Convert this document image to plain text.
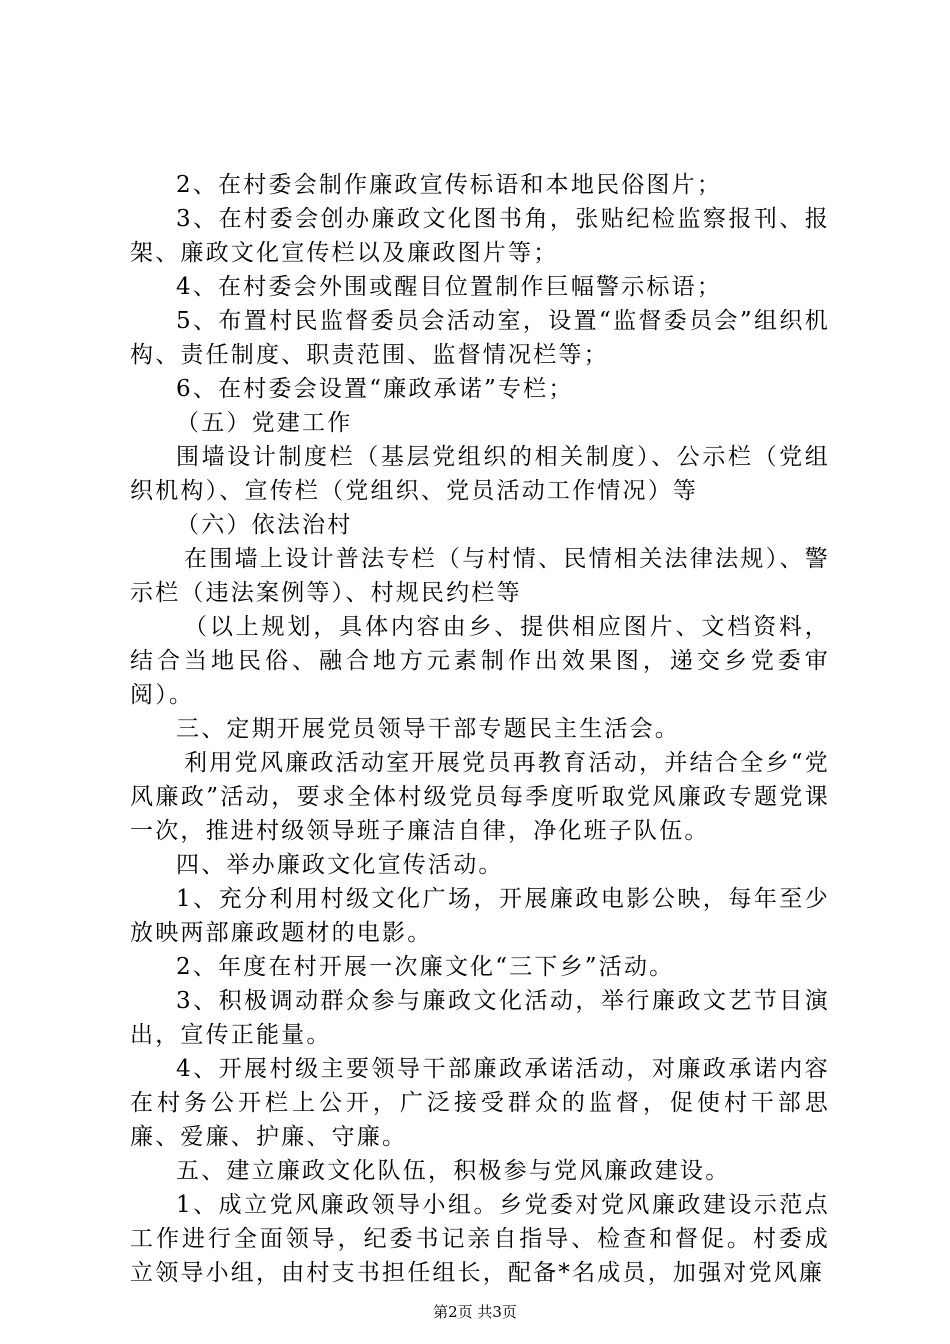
2、在村委会制作廉政宣传标语和本地民俗图片；

3、在村委会创办廉政文化图书角，张贴纪检监察报刊、报架、廉政文化宣传栏以及廉政图片等；

4、在村委会外围或醒目位置制作巨幅警示标语；

5、布置村民监督委员会活动室，设置“监督委员会”组织机构、责任制度、职责范围、监督情况栏等；

6、在村委会设置“廉政承诺”专栏；

（五）党建工作

围墙设计制度栏（基层党组织的相关制度）、公示栏（党组织机构）、宣传栏（党组织、党员活动工作情况）等

（六）依法治村

在围墙上设计普法专栏（与村情、民情相关法律法规）、警示栏（违法案例等）、村规民约栏等

（以上规划，具体内容由乡、提供相应图片、文档资料，结合当地民俗、融合地方元素制作出效果图，递交乡党委审阅）。

三、定期开展党员领导干部专题民主生活会。

利用党风廉政活动室开展党员再教育活动，并结合全乡“党风廉政”活动，要求全体村级党员每季度听取党风廉政专题党课一次，推进村级领导班子廉洁自律，净化班子队伍。

四、举办廉政文化宣传活动。

1、充分利用村级文化广场，开展廉政电影公映，每年至少放映两部廉政题材的电影。

2、年度在村开展一次廉文化“三下乡”活动。

3、积极调动群众参与廉政文化活动，举行廉政文艺节目演出，宣传正能量。

4、开展村级主要领导干部廉政承诺活动，对廉政承诺内容在村务公开栏上公开，广泛接受群众的监督，促使村干部思廉、爱廉、护廉、守廉。

五、建立廉政文化队伍，积极参与党风廉政建设。

1、成立党风廉政领导小组。乡党委对党风廉政建设示范点工作进行全面领导，纪委书记亲自指导、检查和督促。村委成立领导小组，由村支书担任组长，配备*名成员，加强对党风廉

第2页 共3页
